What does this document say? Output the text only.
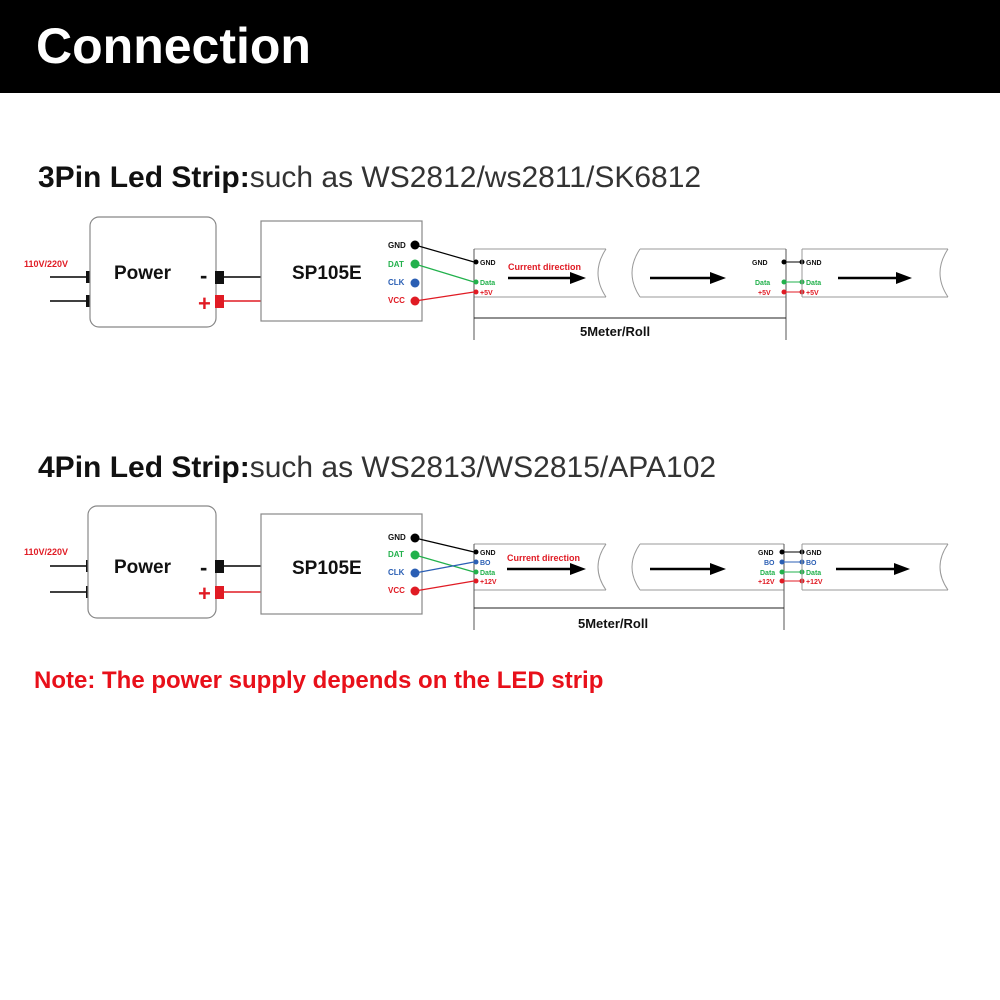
Connection
3Pin Led Strip:such as WS2812/ws2811/SK6812
110V/220V Power -
+
SP105E
GND
DAT
CLK
VCC
GND
Data
+5V
Current direction	GND
Data
+5V
GND
Data
+5V
5Meter/Roll
4Pin Led Strip:such as WS2813/WS2815/APA102
110V/220V
Power -
+
SP105E
GND
DAT
CLK
VCC
GND
BO
Data
+12V
Current direction	GND
BO
Data
+12V
GND
BO
Data
+12V
5Meter/Roll
Note: The power supply depends on the LED strip
